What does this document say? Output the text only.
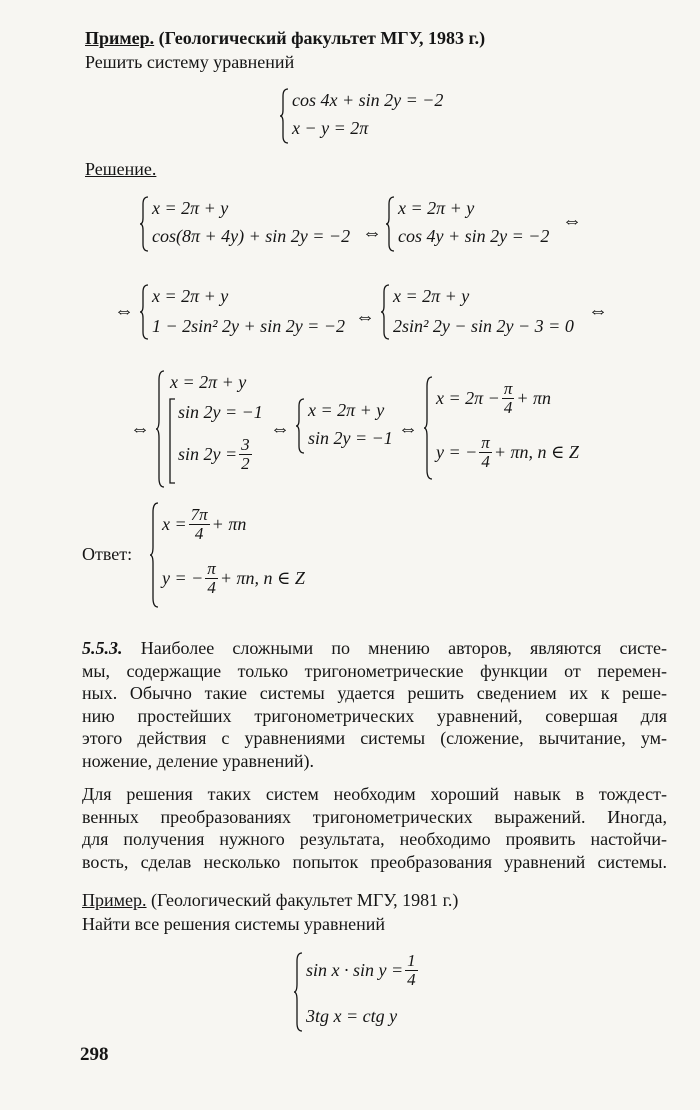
Пример. (Геологический факультет МГУ, 1983 г.)
Решить систему уравнений
cos 4x + sin 2y = −2
x − y = 2π
Решение.
x = 2π + y
cos(8π + 4y) + sin 2y = −2 ⇔
x = 2π + y
cos 4y + sin 2y = −2
⇔
⇔
x = 2π + y
1 − 2sin² 2y + sin 2y = −2 ⇔
x = 2π + y
2sin² 2y − sin 2y − 3 = 0
⇔
⇔
x = 2π + y
sin 2y = −1
$\sin 2y = \frac{3}{2}$
⇔
x = 2π + y
sin 2y = −1 ⇔
$x = 2\pi - \frac{\pi}{4} + \pi n$
y = − $\frac{\pi}{4} + \pi n$, n ∈ Z
Ответ:
$x = \frac{7\pi}{4} + \pi n$
y = − $\frac{\pi}{4} + \pi n$, n ∈ Z
5.5.3. Наиболее сложными по мнению авторов, являются систе-
мы, содержащие только тригонометрические функции от перемен-
ных. Обычно такие системы удается решить сведением их к реше-
нию простейших тригонометрических уравнений, совершая для
этого действия с уравнениями системы (сложение, вычитание, ум-
ножение, деление уравнений).
Для решения таких систем необходим хороший навык в тождест-
венных преобразованиях тригонометрических выражений. Иногда,
для получения нужного результата, необходимо проявить настойчи-
вость, сделав несколько попыток преобразования уравнений системы.
Пример. (Геологический факультет МГУ, 1981 г.)
Найти все решения системы уравнений
$\sin x \cdot \sin y = \frac{1}{4}$
3tg x = ctg y
298
